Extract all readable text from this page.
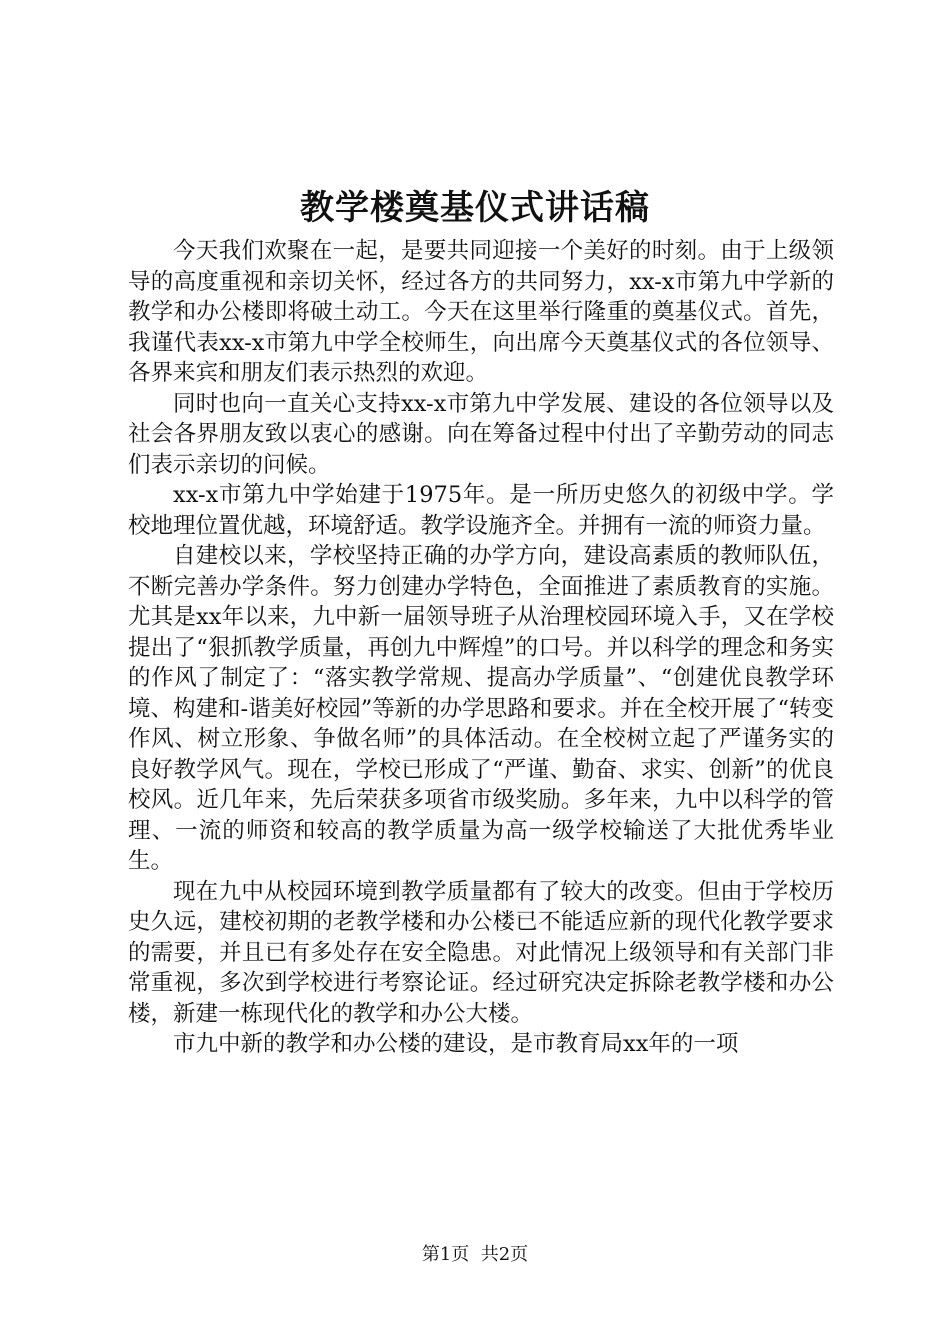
教学楼奠基仪式讲话稿

今天我们欢聚在一起，是要共同迎接一个美好的时刻。由于上级领导的高度重视和亲切关怀，经过各方的共同努力，xx-x市第九中学新的教学和办公楼即将破土动工。今天在这里举行隆重的奠基仪式。首先，我谨代表xx-x市第九中学全校师生，向出席今天奠基仪式的各位领导、各界来宾和朋友们表示热烈的欢迎。

同时也向一直关心支持xx-x市第九中学发展、建设的各位领导以及社会各界朋友致以衷心的感谢。向在筹备过程中付出了辛勤劳动的同志们表示亲切的问候。

xx-x市第九中学始建于1975年。是一所历史悠久的初级中学。学校地理位置优越，环境舒适。教学设施齐全。并拥有一流的师资力量。

自建校以来，学校坚持正确的办学方向，建设高素质的教师队伍，不断完善办学条件。努力创建办学特色，全面推进了素质教育的实施。尤其是xx年以来，九中新一届领导班子从治理校园环境入手，又在学校提出了“狠抓教学质量，再创九中辉煌”的口号。并以科学的理念和务实的作风了制定了：“落实教学常规、提高办学质量”、“创建优良教学环境、构建和-谐美好校园”等新的办学思路和要求。并在全校开展了“转变作风、树立形象、争做名师”的具体活动。在全校树立起了严谨务实的良好教学风气。现在，学校已形成了“严谨、勤奋、求实、创新”的优良校风。近几年来，先后荣获多项省市级奖励。多年来，九中以科学的管理、一流的师资和较高的教学质量为高一级学校输送了大批优秀毕业生。

现在九中从校园环境到教学质量都有了较大的改变。但由于学校历史久远，建校初期的老教学楼和办公楼已不能适应新的现代化教学要求的需要，并且已有多处存在安全隐患。对此情况上级领导和有关部门非常重视，多次到学校进行考察论证。经过研究决定拆除老教学楼和办公楼，新建一栋现代化的教学和办公大楼。

市九中新的教学和办公楼的建设，是市教育局xx年的一项

第1页  共2页
